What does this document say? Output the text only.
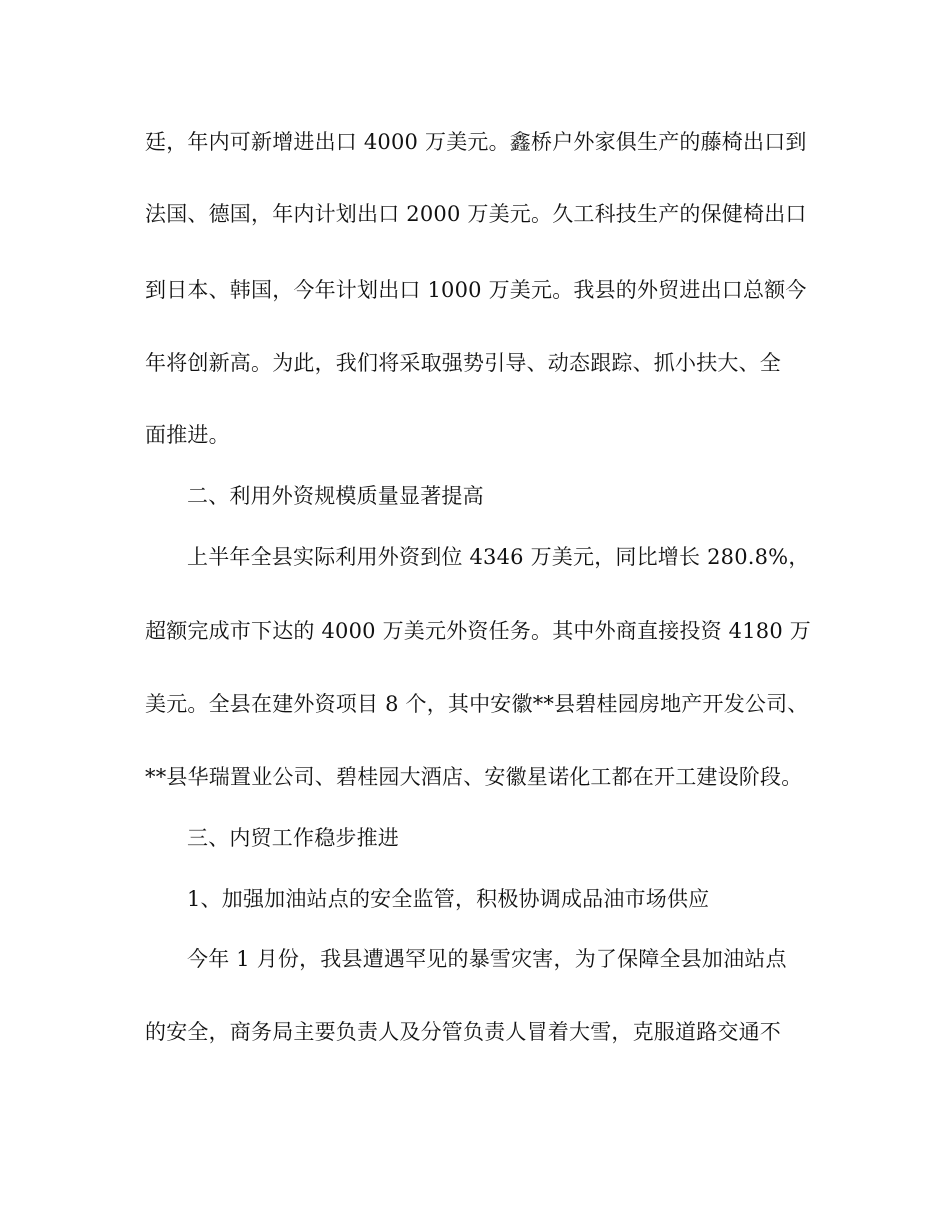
廷，年内可新增进出口 4000 万美元。鑫桥户外家俱生产的藤椅出口到
法国、德国，年内计划出口 2000 万美元。久工科技生产的保健椅出口
到日本、韩国，今年计划出口 1000 万美元。我县的外贸进出口总额今
年将创新高。为此，我们将采取强势引导、动态跟踪、抓小扶大、全
面推进。
二、利用外资规模质量显著提高
上半年全县实际利用外资到位 4346 万美元，同比增长 280.8%，
超额完成市下达的 4000 万美元外资任务。其中外商直接投资 4180 万
美元。全县在建外资项目 8 个，其中安徽**县碧桂园房地产开发公司、
**县华瑞置业公司、碧桂园大酒店、安徽星诺化工都在开工建设阶段。
三、内贸工作稳步推进
1、加强加油站点的安全监管，积极协调成品油市场供应
今年 1 月份，我县遭遇罕见的暴雪灾害，为了保障全县加油站点
的安全，商务局主要负责人及分管负责人冒着大雪，克服道路交通不
